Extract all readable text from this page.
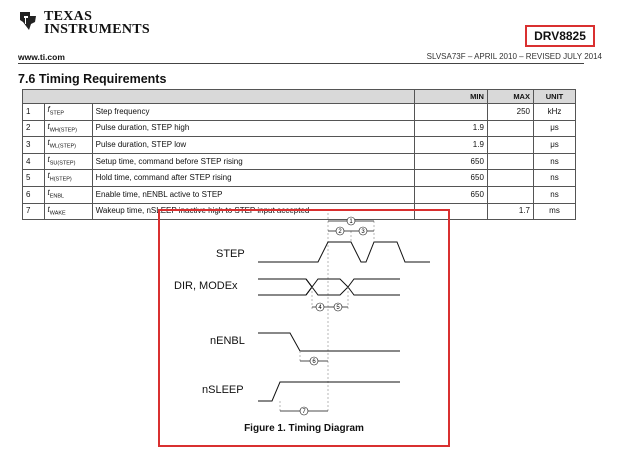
TEXAS
INSTRUMENTS	DRV8825
www.ti.com	SLVSA73F – APRIL 2010 – REVISED JULY 2014
7.6 Timing Requirements
			MIN	MAX	UNIT
1	$f_{STEP}$	Step frequency		250	kHz
2	$t_{WH(STEP)}$	Pulse duration, STEP high	1.9		μs
3	$t_{WL(STEP)}$	Pulse duration, STEP low	1.9		μs
4	$t_{SU(STEP)}$	Setup time, command before STEP rising	650		ns
5	$t_{H(STEP)}$	Hold time, command after STEP rising	650		ns
6	$t_{ENBL}$	Enable time, nENBL active to STEP	650		ns
7	$t_{WAKE}$	Wakeup time, nSLEEP inactive high to STEP input accepted		1.7	ms
1
2	3
4 5
6
7
STEP
DIR, MODEx
nENBL
nSLEEP
Figure 1. Timing Diagram
